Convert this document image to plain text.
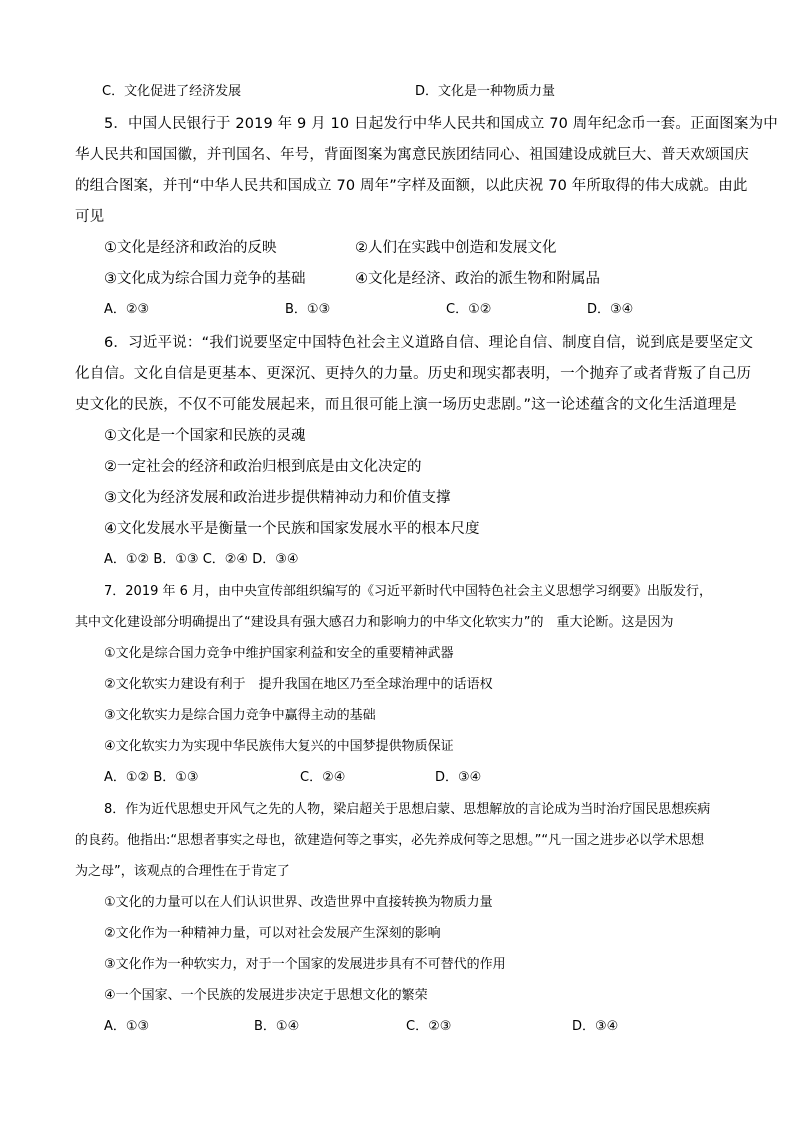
C．文化促进了经济发展	D．文化是一种物质力量
5．中国人民银行于 2019 年 9 月 10 日起发行中华人民共和国成立 70 周年纪念币一套。正面图案为中
华人民共和国国徽，并刊国名、年号，背面图案为寓意民族团结同心、祖国建设成就巨大、普天欢颂国庆
的组合图案，并刊“中华人民共和国成立 70 周年”字样及面额，以此庆祝 70 年所取得的伟大成就。由此
可见
①文化是经济和政治的反映	②人们在实践中创造和发展文化
③文化成为综合国力竞争的基础	④文化是经济、政治的派生物和附属品
A．②③	B．①③	C．①②	D．③④
6．习近平说：“我们说要坚定中国特色社会主义道路自信、理论自信、制度自信，说到底是要坚定文
化自信。文化自信是更基本、更深沉、更持久的力量。历史和现实都表明，一个抛弃了或者背叛了自己历
史文化的民族，不仅不可能发展起来，而且很可能上演一场历史悲剧。”这一论述蕴含的文化生活道理是
①文化是一个国家和民族的灵魂
②一定社会的经济和政治归根到底是由文化决定的
③文化为经济发展和政治进步提供精神动力和价值支撑
④文化发展水平是衡量一个民族和国家发展水平的根本尺度
A．①② B．①③ C．②④ D．③④
7．2019 年 6 月，由中央宣传部组织编写的《习近平新时代中国特色社会主义思想学习纲要》出版发行，
其中文化建设部分明确提出了“建设具有强大感召力和影响力的中华文化软实力”的　重大论断。这是因为
①文化是综合国力竞争中维护国家利益和安全的重要精神武器
②文化软实力建设有利于　提升我国在地区乃至全球治理中的话语权
③文化软实力是综合国力竞争中赢得主动的基础
④文化软实力为实现中华民族伟大复兴的中国梦提供物质保证
A．①② B．①③	C．②④	D．③④
8．作为近代思想史开风气之先的人物，梁启超关于思想启蒙、思想解放的言论成为当时治疗国民思想疾病
的良药。他指出:“思想者事实之母也，欲建造何等之事实，必先养成何等之思想。”“凡一国之进步必以学术思想
为之母”，该观点的合理性在于肯定了
①文化的力量可以在人们认识世界、改造世界中直接转换为物质力量
②文化作为一种精神力量，可以对社会发展产生深刻的影响
③文化作为一种软实力，对于一个国家的发展进步具有不可替代的作用
④一个国家、一个民族的发展进步决定于思想文化的繁荣
A．①③	B．①④	C．②③	D．③④
